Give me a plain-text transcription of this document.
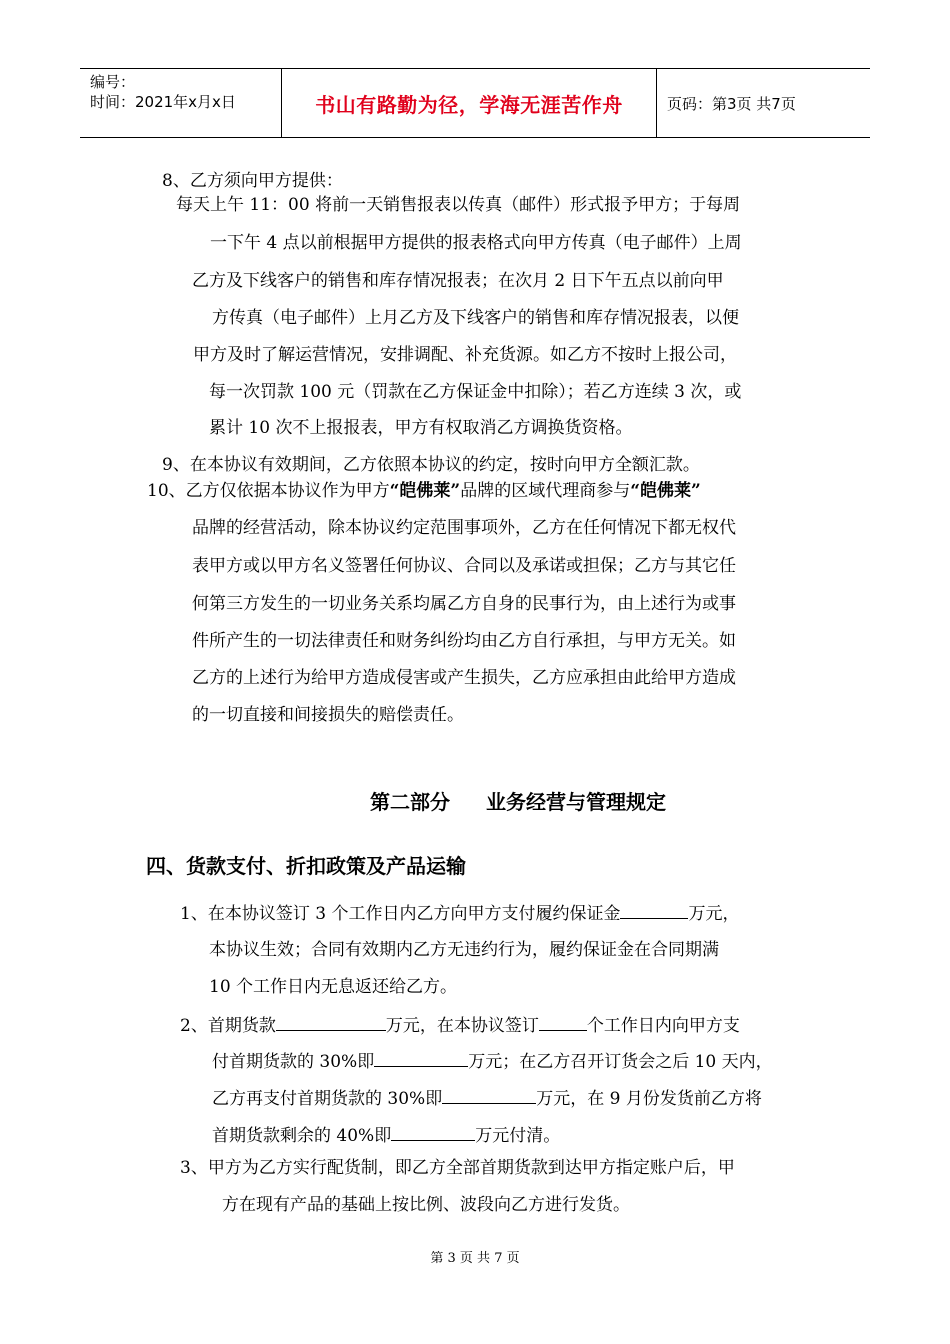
编号：
时间：2021年x月x日	书山有路勤为径，学海无涯苦作舟	页码：第3页 共7页
8、乙方须向甲方提供：
每天上午 11：00 将前一天销售报表以传真（邮件）形式报予甲方；于每周
一下午 4 点以前根据甲方提供的报表格式向甲方传真（电子邮件）上周
乙方及下线客户的销售和库存情况报表；在次月 2 日下午五点以前向甲
方传真（电子邮件）上月乙方及下线客户的销售和库存情况报表，以便
甲方及时了解运营情况，安排调配、补充货源。如乙方不按时上报公司，
每一次罚款 100 元（罚款在乙方保证金中扣除）；若乙方连续 3 次，或
累计 10 次不上报报表，甲方有权取消乙方调换货资格。
9、在本协议有效期间，乙方依照本协议的约定，按时向甲方全额汇款。
10、乙方仅依据本协议作为甲方“皑佛莱”品牌的区域代理商参与“皑佛莱”
品牌的经营活动，除本协议约定范围事项外，乙方在任何情况下都无权代
表甲方或以甲方名义签署任何协议、合同以及承诺或担保；乙方与其它任
何第三方发生的一切业务关系均属乙方自身的民事行为，由上述行为或事
件所产生的一切法律责任和财务纠纷均由乙方自行承担，与甲方无关。如
乙方的上述行为给甲方造成侵害或产生损失，乙方应承担由此给甲方造成
的一切直接和间接损失的赔偿责任。
第二部分 业务经营与管理规定
四、货款支付、折扣政策及产品运输
1、在本协议签订 3 个工作日内乙方向甲方支付履约保证金	万元，
本协议生效；合同有效期内乙方无违约行为，履约保证金在合同期满
10 个工作日内无息返还给乙方。
2、首期货款	万元，在本协议签订	个工作日内向甲方支
付首期货款的 30%即	万元；在乙方召开订货会之后 10 天内，
乙方再支付首期货款的 30%即	万元，在 9 月份发货前乙方将
首期货款剩余的 40%即	万元付清。
3、甲方为乙方实行配货制，即乙方全部首期货款到达甲方指定账户后，甲
方在现有产品的基础上按比例、波段向乙方进行发货。
第 3 页 共 7 页
